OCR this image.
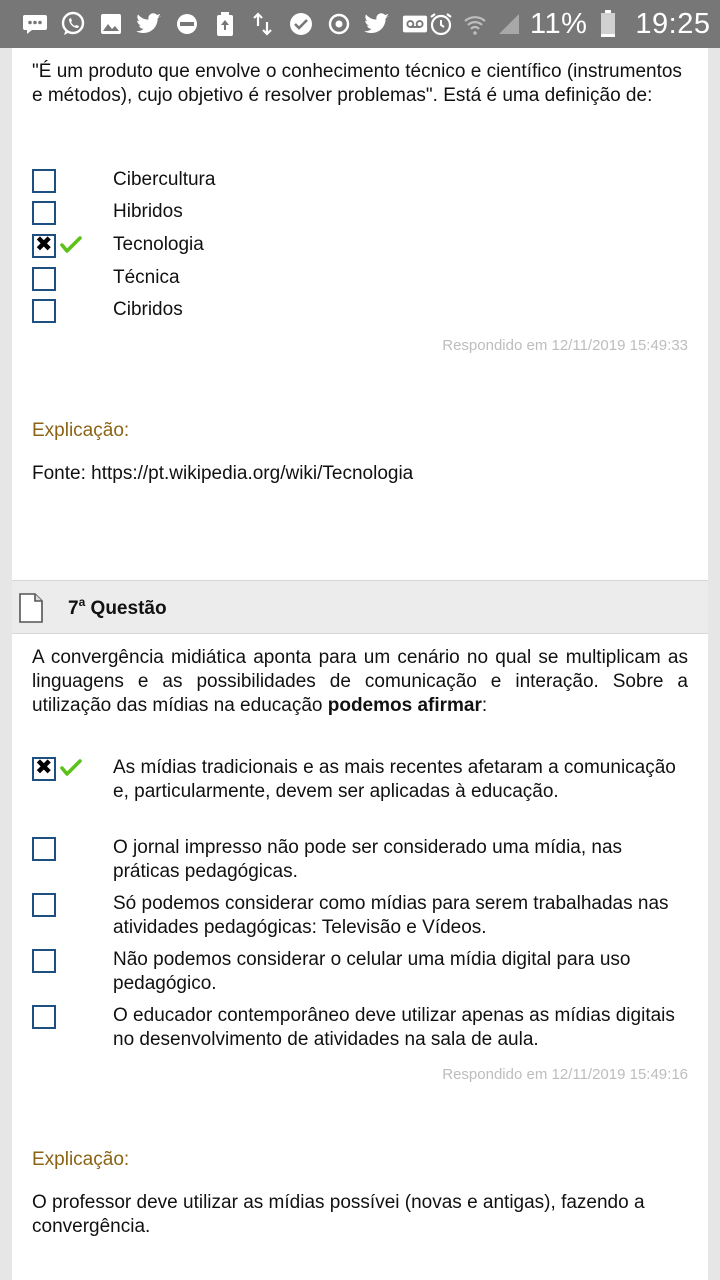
11% 19:25
"É um produto que envolve o conhecimento técnico e científico (instrumentos e métodos), cujo objetivo é resolver problemas". Está é uma definição de:
Cibercultura
Hibridos
✖	Tecnologia
Técnica
Cibridos
Respondido em 12/11/2019 15:49:33
Explicação:
Fonte: https://pt.wikipedia.org/wiki/Tecnologia
7$^a$ Questão
A convergência midiática aponta para um cenário no qual se multiplicam as linguagens e as possibilidades de comunicação e interação. Sobre a utilização das mídias na educação podemos afirmar:
✖	As mídias tradicionais e as mais recentes afetaram a comunicação e, particularmente, devem ser aplicadas à educação.
O jornal impresso não pode ser considerado uma mídia, nas práticas pedagógicas.
Só podemos considerar como mídias para serem trabalhadas nas atividades pedagógicas: Televisão e Vídeos.
Não podemos considerar o celular uma mídia digital para uso pedagógico.
O educador contemporâneo deve utilizar apenas as mídias digitais no desenvolvimento de atividades na sala de aula.
Respondido em 12/11/2019 15:49:16
Explicação:
O professor deve utilizar as mídias possívei (novas e antigas), fazendo a convergência.
